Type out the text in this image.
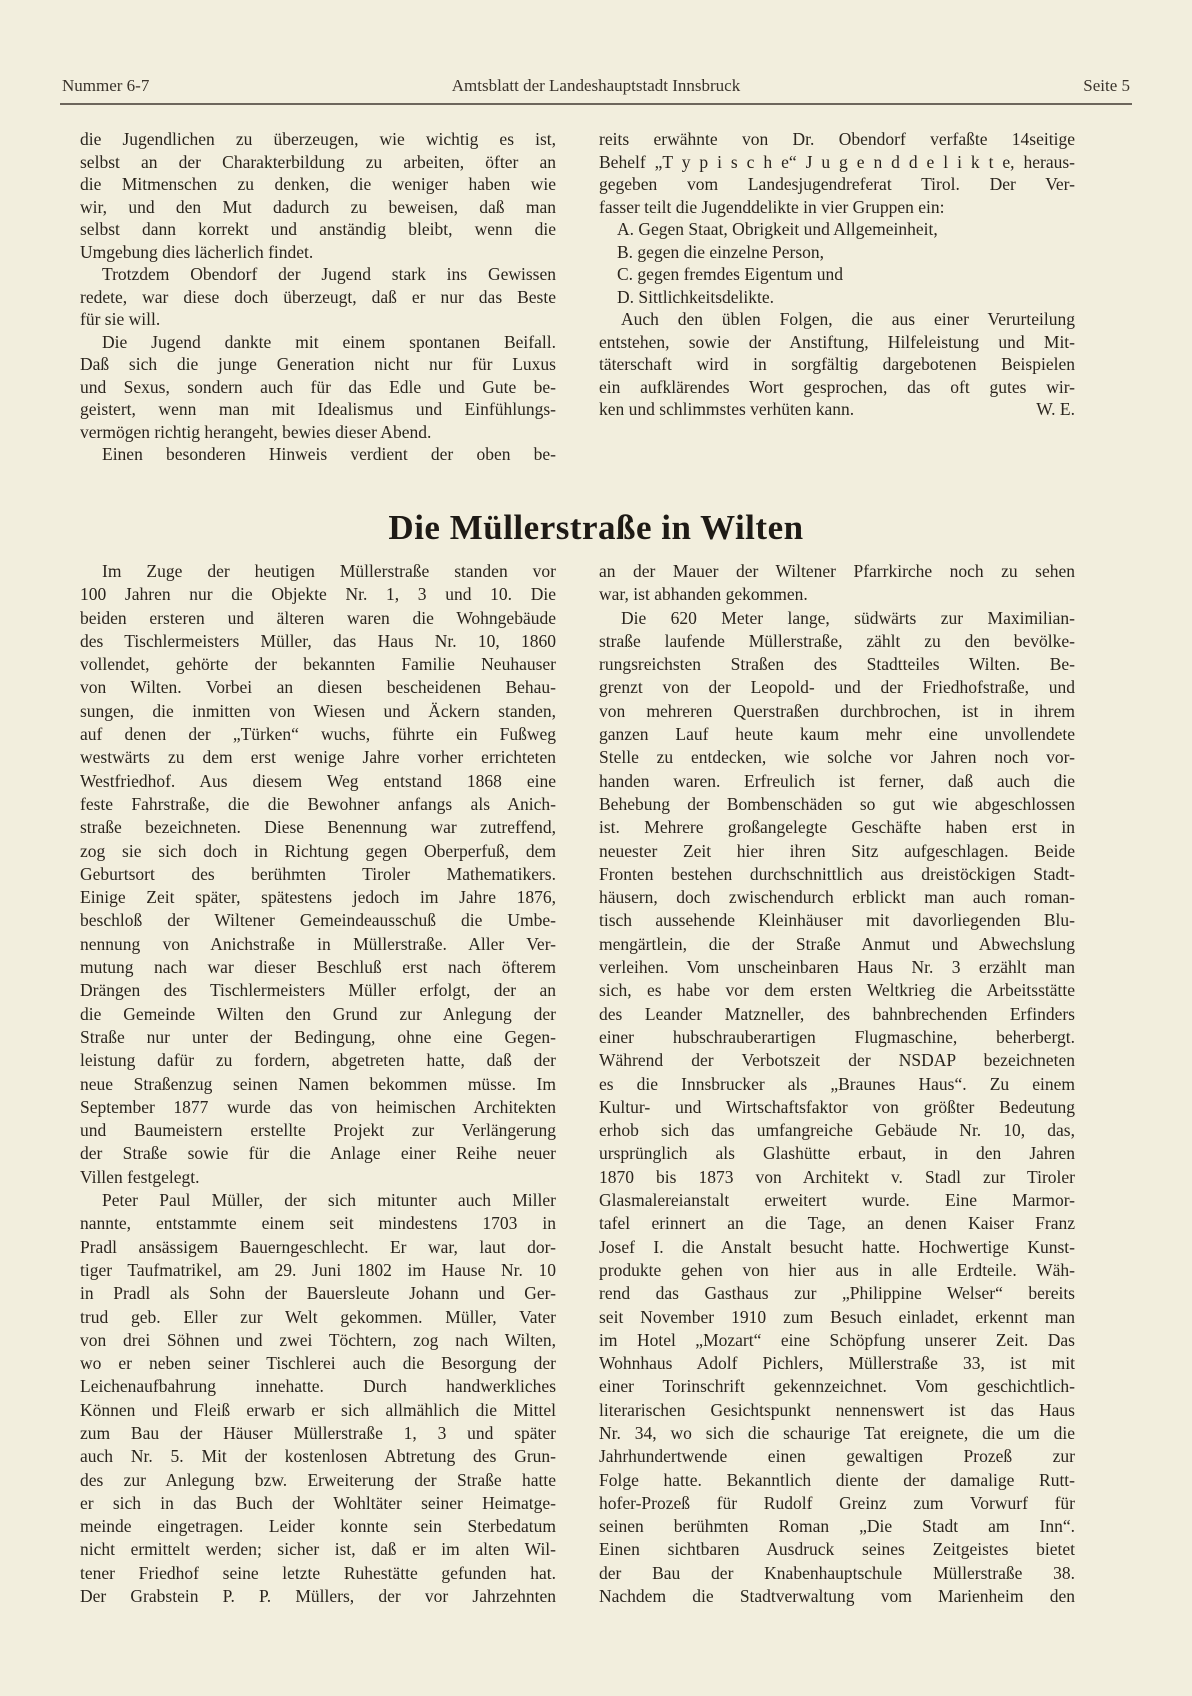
Nummer 6-7	Amtsblatt der Landeshauptstadt Innsbruck	Seite 5
die Jugendlichen zu überzeugen, wie wichtig es ist,
selbst an der Charakterbildung zu arbeiten, öfter an
die Mitmenschen zu denken, die weniger haben wie
wir, und den Mut dadurch zu beweisen, daß man
selbst dann korrekt und anständig bleibt, wenn die
Umgebung dies lächerlich findet.
Trotzdem Obendorf der Jugend stark ins Gewissen
redete, war diese doch überzeugt, daß er nur das Beste
für sie will.
Die Jugend dankte mit einem spontanen Beifall.
Daß sich die junge Generation nicht nur für Luxus
und Sexus, sondern auch für das Edle und Gute be-
geistert, wenn man mit Idealismus und Einfühlungs-
vermögen richtig herangeht, bewies dieser Abend.
Einen besonderen Hinweis verdient der oben be-
reits erwähnte von Dr. Obendorf verfaßte 14seitige
Behelf „T y p i s c h e“ J u g e n d d e l i k t e, heraus-
gegeben vom Landesjugendreferat Tirol. Der Ver-
fasser teilt die Jugenddelikte in vier Gruppen ein:
A. Gegen Staat, Obrigkeit und Allgemeinheit,
B. gegen die einzelne Person,
C. gegen fremdes Eigentum und
D. Sittlichkeitsdelikte.
Auch den üblen Folgen, die aus einer Verurteilung
entstehen, sowie der Anstiftung, Hilfeleistung und Mit-
täterschaft wird in sorgfältig dargebotenen Beispielen
ein aufklärendes Wort gesprochen, das oft gutes wir-
W. E.
ken und schlimmstes verhüten kann.
Die Müllerstraße in Wilten
Im Zuge der heutigen Müllerstraße standen vor
100 Jahren nur die Objekte Nr. 1, 3 und 10. Die
beiden ersteren und älteren waren die Wohngebäude
des Tischlermeisters Müller, das Haus Nr. 10, 1860
vollendet, gehörte der bekannten Familie Neuhauser
von Wilten. Vorbei an diesen bescheidenen Behau-
sungen, die inmitten von Wiesen und Äckern standen,
auf denen der „Türken“ wuchs, führte ein Fußweg
westwärts zu dem erst wenige Jahre vorher errichteten
Westfriedhof. Aus diesem Weg entstand 1868 eine
feste Fahrstraße, die die Bewohner anfangs als Anich-
straße bezeichneten. Diese Benennung war zutreffend,
zog sie sich doch in Richtung gegen Oberperfuß, dem
Geburtsort des berühmten Tiroler Mathematikers.
Einige Zeit später, spätestens jedoch im Jahre 1876,
beschloß der Wiltener Gemeindeausschuß die Umbe-
nennung von Anichstraße in Müllerstraße. Aller Ver-
mutung nach war dieser Beschluß erst nach öfterem
Drängen des Tischlermeisters Müller erfolgt, der an
die Gemeinde Wilten den Grund zur Anlegung der
Straße nur unter der Bedingung, ohne eine Gegen-
leistung dafür zu fordern, abgetreten hatte, daß der
neue Straßenzug seinen Namen bekommen müsse. Im
September 1877 wurde das von heimischen Architekten
und Baumeistern erstellte Projekt zur Verlängerung
der Straße sowie für die Anlage einer Reihe neuer
Villen festgelegt.
Peter Paul Müller, der sich mitunter auch Miller
nannte, entstammte einem seit mindestens 1703 in
Pradl ansässigem Bauerngeschlecht. Er war, laut dor-
tiger Taufmatrikel, am 29. Juni 1802 im Hause Nr. 10
in Pradl als Sohn der Bauersleute Johann und Ger-
trud geb. Eller zur Welt gekommen. Müller, Vater
von drei Söhnen und zwei Töchtern, zog nach Wilten,
wo er neben seiner Tischlerei auch die Besorgung der
Leichenaufbahrung innehatte. Durch handwerkliches
Können und Fleiß erwarb er sich allmählich die Mittel
zum Bau der Häuser Müllerstraße 1, 3 und später
auch Nr. 5. Mit der kostenlosen Abtretung des Grun-
des zur Anlegung bzw. Erweiterung der Straße hatte
er sich in das Buch der Wohltäter seiner Heimatge-
meinde eingetragen. Leider konnte sein Sterbedatum
nicht ermittelt werden; sicher ist, daß er im alten Wil-
tener Friedhof seine letzte Ruhestätte gefunden hat.
Der Grabstein P. P. Müllers, der vor Jahrzehnten
an der Mauer der Wiltener Pfarrkirche noch zu sehen
war, ist abhanden gekommen.
Die 620 Meter lange, südwärts zur Maximilian-
straße laufende Müllerstraße, zählt zu den bevölke-
rungsreichsten Straßen des Stadtteiles Wilten. Be-
grenzt von der Leopold- und der Friedhofstraße, und
von mehreren Querstraßen durchbrochen, ist in ihrem
ganzen Lauf heute kaum mehr eine unvollendete
Stelle zu entdecken, wie solche vor Jahren noch vor-
handen waren. Erfreulich ist ferner, daß auch die
Behebung der Bombenschäden so gut wie abgeschlossen
ist. Mehrere großangelegte Geschäfte haben erst in
neuester Zeit hier ihren Sitz aufgeschlagen. Beide
Fronten bestehen durchschnittlich aus dreistöckigen Stadt-
häusern, doch zwischendurch erblickt man auch roman-
tisch aussehende Kleinhäuser mit davorliegenden Blu-
mengärtlein, die der Straße Anmut und Abwechslung
verleihen. Vom unscheinbaren Haus Nr. 3 erzählt man
sich, es habe vor dem ersten Weltkrieg die Arbeitsstätte
des Leander Matzneller, des bahnbrechenden Erfinders
einer hubschrauberartigen Flugmaschine, beherbergt.
Während der Verbotszeit der NSDAP bezeichneten
es die Innsbrucker als „Braunes Haus“. Zu einem
Kultur- und Wirtschaftsfaktor von größter Bedeutung
erhob sich das umfangreiche Gebäude Nr. 10, das,
ursprünglich als Glashütte erbaut, in den Jahren
1870 bis 1873 von Architekt v. Stadl zur Tiroler
Glasmalereianstalt erweitert wurde. Eine Marmor-
tafel erinnert an die Tage, an denen Kaiser Franz
Josef I. die Anstalt besucht hatte. Hochwertige Kunst-
produkte gehen von hier aus in alle Erdteile. Wäh-
rend das Gasthaus zur „Philippine Welser“ bereits
seit November 1910 zum Besuch einladet, erkennt man
im Hotel „Mozart“ eine Schöpfung unserer Zeit. Das
Wohnhaus Adolf Pichlers, Müllerstraße 33, ist mit
einer Torinschrift gekennzeichnet. Vom geschichtlich-
literarischen Gesichtspunkt nennenswert ist das Haus
Nr. 34, wo sich die schaurige Tat ereignete, die um die
Jahrhundertwende einen gewaltigen Prozeß zur
Folge hatte. Bekanntlich diente der damalige Rutt-
hofer-Prozeß für Rudolf Greinz zum Vorwurf für
seinen berühmten Roman „Die Stadt am Inn“.
Einen sichtbaren Ausdruck seines Zeitgeistes bietet
der Bau der Knabenhauptschule Müllerstraße 38.
Nachdem die Stadtverwaltung vom Marienheim den
